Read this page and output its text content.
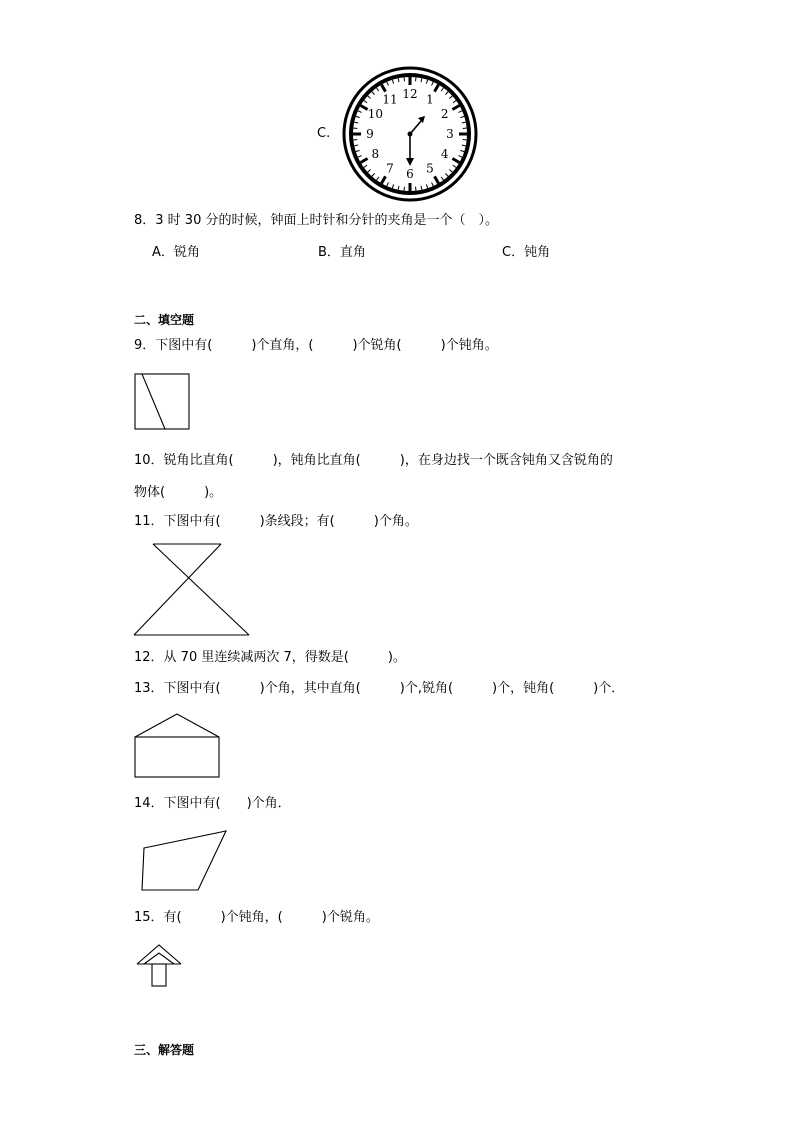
C.
12 1
2
3
4
5
6
7
8
9
10
11
8．3 时 30 分的时候，钟面上时针和分针的夹角是一个（　）。
A．锐角	B．直角	C．钝角
二、填空题
9．下图中有(　　　)个直角，(　　　)个锐角(　　　)个钝角。
10．锐角比直角(　　　)，钝角比直角(　　　)，在身边找一个既含钝角又含锐角的
物体(　　　)。
11．下图中有(　　　)条线段；有(　　　)个角。
12．从 70 里连续减两次 7，得数是(　　　)。
13．下图中有(　　　)个角，其中直角(　　　)个,锐角(　　　)个，钝角(　　　)个．
14．下图中有(　　)个角．
15．有(　　　)个钝角，(　　　)个锐角。
三、解答题
